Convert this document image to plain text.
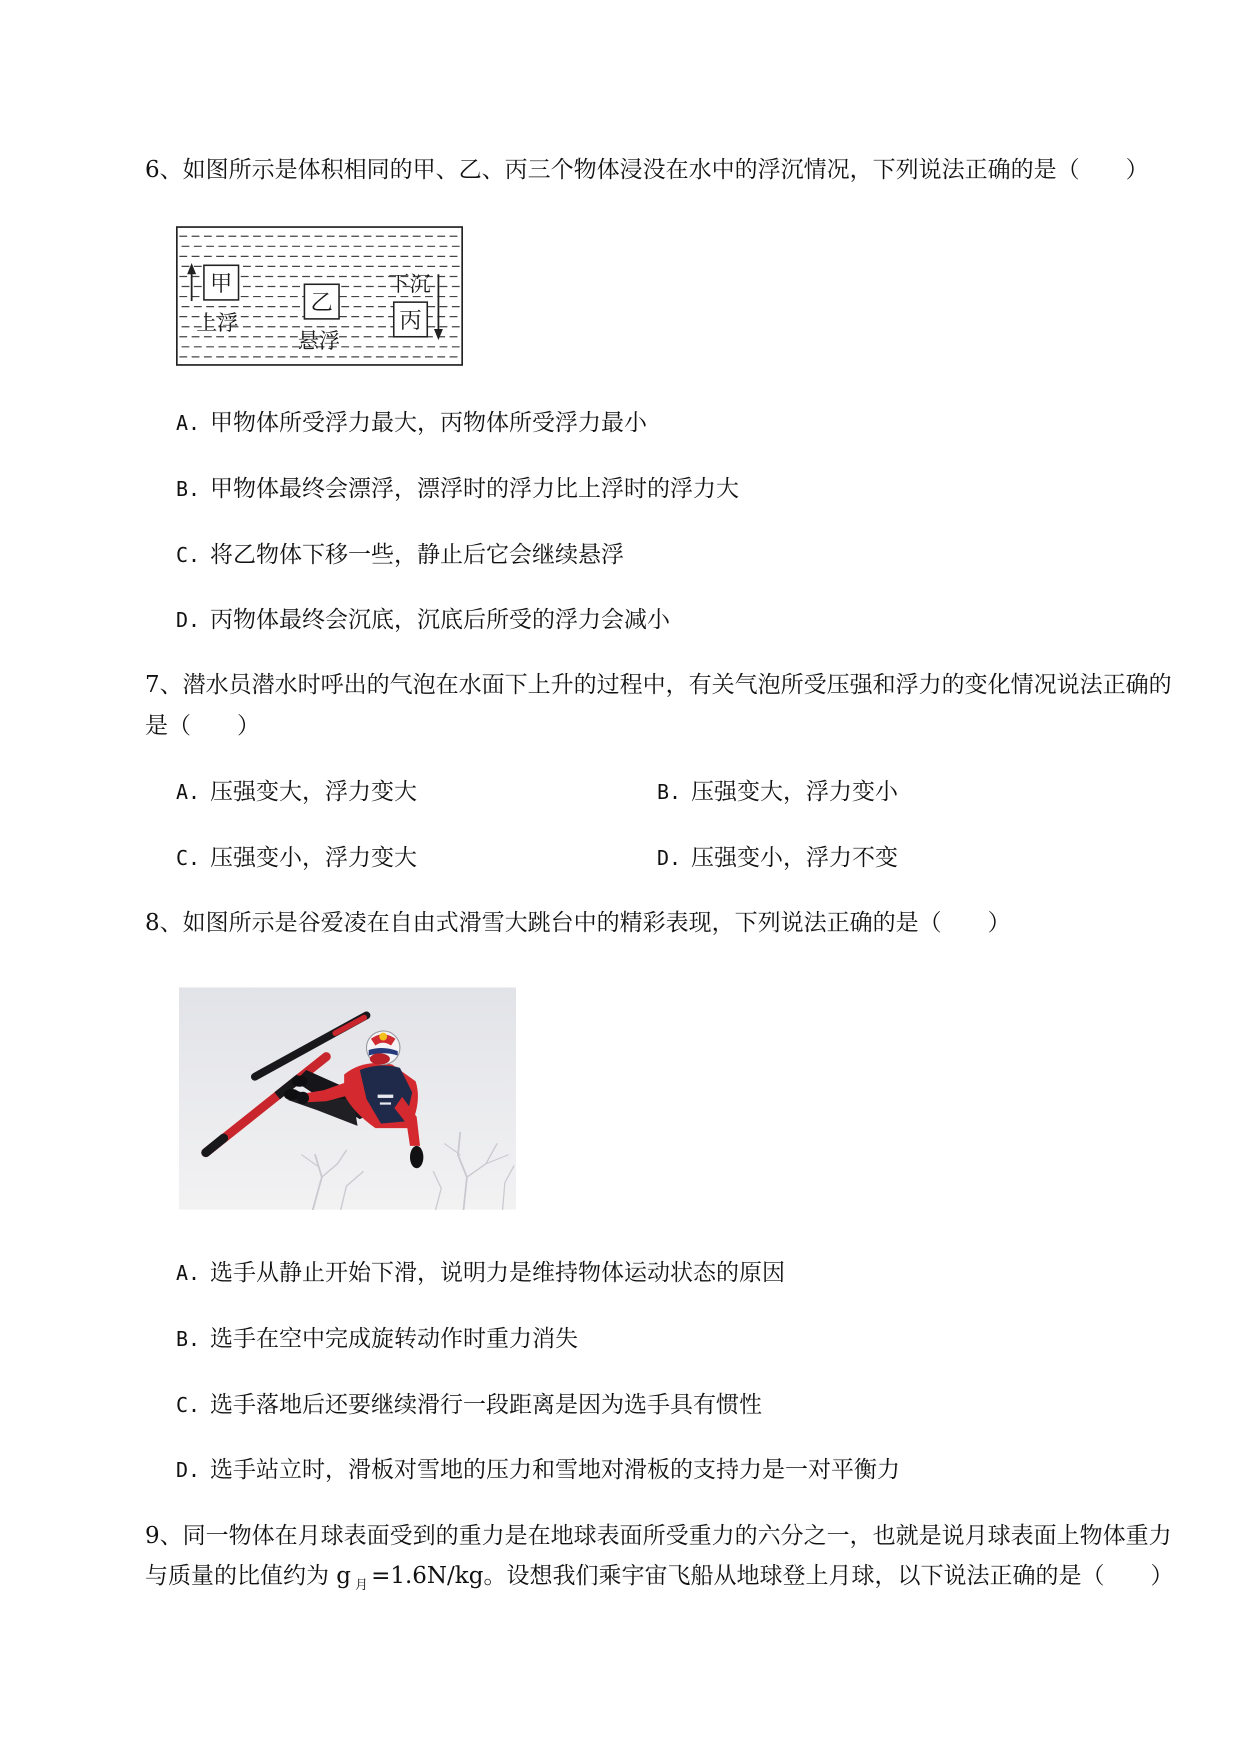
6、如图所示是体积相同的甲、乙、丙三个物体浸没在水中的浮沉情况，下列说法正确的是（　　）
甲
上浮
乙
悬浮
下沉
丙
A. 甲物体所受浮力最大，丙物体所受浮力最小
B. 甲物体最终会漂浮，漂浮时的浮力比上浮时的浮力大
C. 将乙物体下移一些，静止后它会继续悬浮
D. 丙物体最终会沉底，沉底后所受的浮力会减小
7、潜水员潜水时呼出的气泡在水面下上升的过程中，有关气泡所受压强和浮力的变化情况说法正确的
是（　　）
A. 压强变大，浮力变大	B. 压强变大，浮力变小
C. 压强变小，浮力变大	D. 压强变小，浮力不变
8、如图所示是谷爱凌在自由式滑雪大跳台中的精彩表现，下列说法正确的是（　　）
A. 选手从静止开始下滑，说明力是维持物体运动状态的原因
B. 选手在空中完成旋转动作时重力消失
C. 选手落地后还要继续滑行一段距离是因为选手具有惯性
D. 选手站立时，滑板对雪地的压力和雪地对滑板的支持力是一对平衡力
9、同一物体在月球表面受到的重力是在地球表面所受重力的六分之一，也就是说月球表面上物体重力
与质量的比值约为 g $_月$ =1.6N/kg。设想我们乘宇宙飞船从地球登上月球，以下说法正确的是（　　）
